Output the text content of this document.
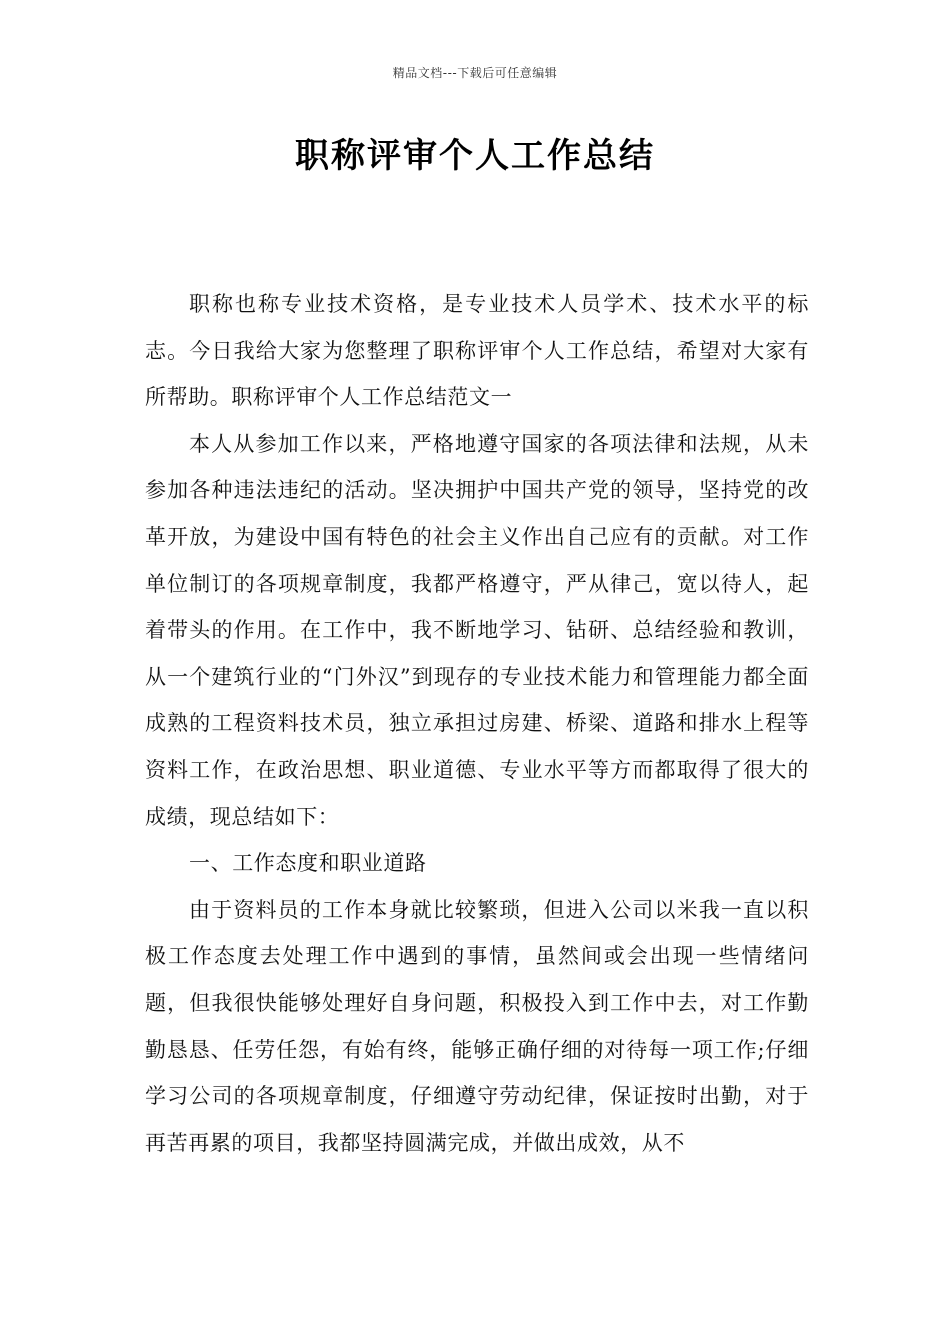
精品文档---下载后可任意编辑
职称评审个人工作总结

职称也称专业技术资格，是专业技术人员学术、技术水平的标志。今日我给大家为您整理了职称评审个人工作总结，希望对大家有所帮助。职称评审个人工作总结范文一

本人从参加工作以来，严格地遵守国家的各项法律和法规，从未参加各种违法违纪的活动。坚决拥护中国共产党的领导，坚持党的改革开放，为建设中国有特色的社会主义作出自己应有的贡献。对工作单位制订的各项规章制度，我都严格遵守，严从律己，宽以待人，起着带头的作用。在工作中，我不断地学习、钻研、总结经验和教训，从一个建筑行业的“门外汉”到现存的专业技术能力和管理能力都全面成熟的工程资料技术员，独立承担过房建、桥梁、道路和排水上程等资料工作，在政治思想、职业道德、专业水平等方而都取得了很大的成绩，现总结如下：

一、工作态度和职业道路

由于资料员的工作本身就比较繁琐，但进入公司以米我一直以积极工作态度去处理工作中遇到的事情，虽然间或会出现一些情绪问题，但我很快能够处理好自身问题，积极投入到工作中去，对工作勤勤恳恳、任劳任怨，有始有终，能够正确仔细的对待每一项工作;仔细学习公司的各项规章制度，仔细遵守劳动纪律，保证按时出勤，对于再苦再累的项目，我都坚持圆满完成，并做出成效，从不
